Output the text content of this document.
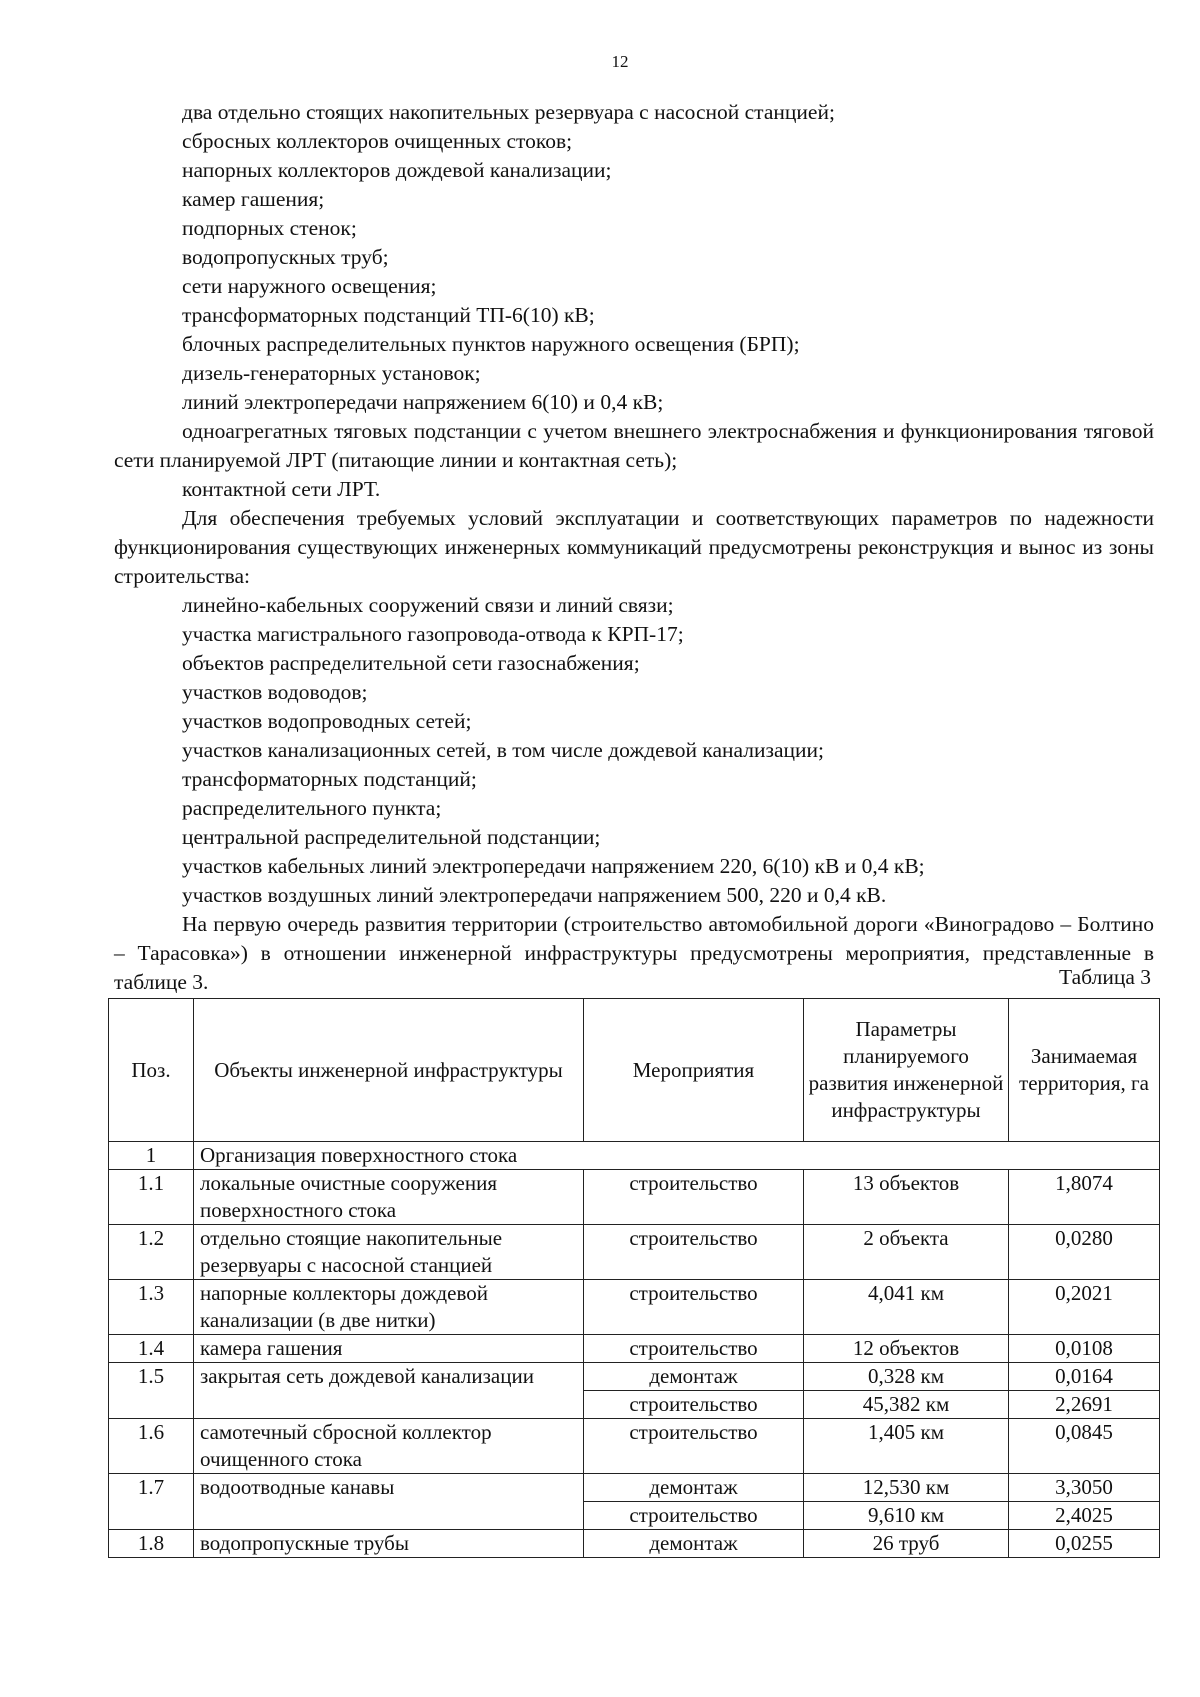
12

два отдельно стоящих накопительных резервуара с насосной станцией;

сбросных коллекторов очищенных стоков;

напорных коллекторов дождевой канализации;

камер гашения;

подпорных стенок;

водопропускных труб;

сети наружного освещения;

трансформаторных подстанций ТП-6(10) кВ;

блочных распределительных пунктов наружного освещения (БРП);

дизель-генераторных установок;

линий электропередачи напряжением 6(10) и 0,4 кВ;

одноагрегатных тяговых подстанции с учетом внешнего электроснабжения и функционирования тяговой сети планируемой ЛРТ (питающие линии и контактная сеть);

контактной сети ЛРТ.

Для обеспечения требуемых условий эксплуатации и соответствующих параметров по надежности функционирования существующих инженерных коммуникаций предусмотрены реконструкция и вынос из зоны строительства:

линейно-кабельных сооружений связи и линий связи;

участка магистрального газопровода-отвода к КРП-17;

объектов распределительной сети газоснабжения;

участков водоводов;

участков водопроводных сетей;

участков канализационных сетей, в том числе дождевой канализации;

трансформаторных подстанций;

распределительного пункта;

центральной распределительной подстанции;

участков кабельных линий электропередачи напряжением 220, 6(10) кВ и 0,4 кВ;

участков воздушных линий электропередачи напряжением 500, 220 и 0,4 кВ.

На первую очередь развития территории (строительство автомобильной дороги «Виноградово – Болтино – Тарасовка») в отношении инженерной инфраструктуры предусмотрены мероприятия, представленные в таблице 3.	Таблица 3
Поз.	Объекты инженерной инфраструктуры	Мероприятия	Параметры планируемого развития инженерной инфраструктуры	Занимаемая территория, га
1	Организация поверхностного стока			
1.1	локальные очистные сооружения поверхностного стока	строительство	13 объектов	1,8074
1.2	отдельно стоящие накопительные резервуары с насосной станцией	строительство	2 объекта	0,0280
1.3	напорные коллекторы дождевой канализации (в две нитки)	строительство	4,041 км	0,2021
1.4	камера гашения	строительство	12 объектов	0,0108
1.5	закрытая сеть дождевой канализации	демонтаж	0,328 км	0,0164
		строительство	45,382 км	2,2691
1.6	самотечный сбросной коллектор очищенного стока	строительство	1,405 км	0,0845
1.7	водоотводные канавы	демонтаж	12,530 км	3,3050
		строительство	9,610 км	2,4025
1.8	водопропускные трубы	демонтаж	26 труб	0,0255
